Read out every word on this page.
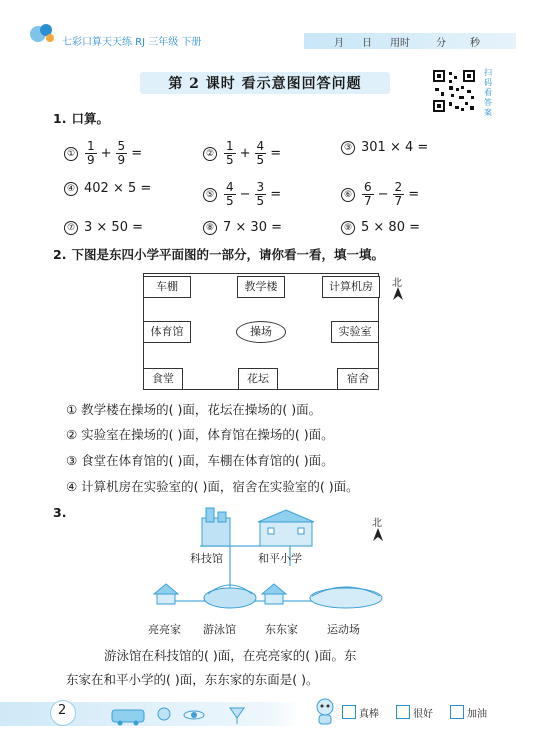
七彩口算天天练 RJ 三年级 下册	月 日 用时	分 秒
第 2 课时 看示意图回答问题
扫码看答案
1. 口算。
① $\frac{1}{9} + \frac{5}{9}$ =	② $\frac{1}{5} + \frac{4}{5}$ =	③ 301 × 4 =
④ 402 × 5 =	⑤ $\frac{4}{5} - \frac{3}{5}$ =	⑥ $\frac{6}{7} - \frac{2}{7}$ =
⑦ 3 × 50 =	⑧ 7 × 30 =	⑨ 5 × 80 =
2. 下图是东四小学平面图的一部分，请你看一看，填一填。
车棚	教学楼	计算机房
体育馆	操场	实验室
食堂	花坛	宿舍
北
① 教学楼在操场的( )面，花坛在操场的( )面。
② 实验室在操场的( )面，体育馆在操场的( )面。
③ 食堂在体育馆的( )面，车棚在体育馆的( )面。
④ 计算机房在实验室的( )面，宿舍在实验室的( )面。
3.
科技馆	和平小学
亮亮家 游泳馆	东东家	运动场
北
游泳馆在科技馆的( )面，在亮亮家的( )面。东
东家在和平小学的( )面，东东家的东面是( )。
2	真棒	很好	加油
